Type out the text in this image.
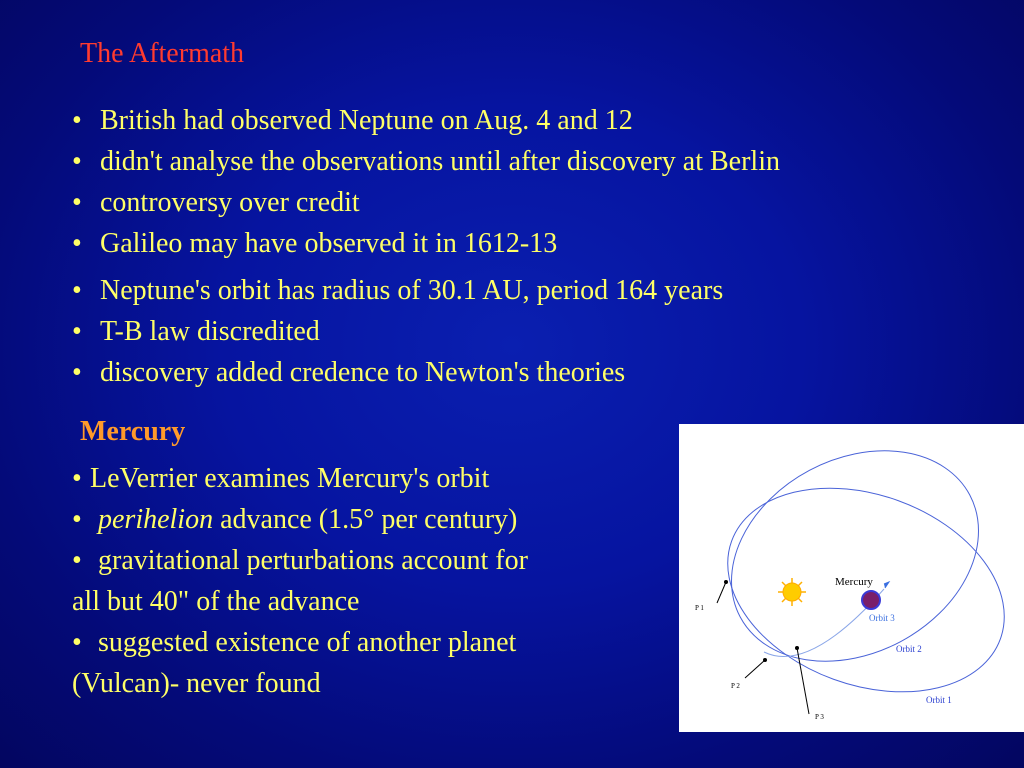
The Aftermath
• British had observed Neptune on Aug. 4 and 12
• didn't analyse the observations until after discovery at Berlin
• controversy over credit
• Galileo may have observed it in 1612-13
• Neptune's orbit has radius of 30.1 AU, period 164 years
• T-B law discredited
• discovery added credence to Newton's theories
Mercury
• LeVerrier examines Mercury's orbit
• perihelion advance (1.5° per century)
• gravitational perturbations account for
all but 40" of the advance
• suggested existence of another planet
(Vulcan)- never found
Mercury
Orbit 3
Orbit 2
Orbit 1
P 1
P 2
P 3
